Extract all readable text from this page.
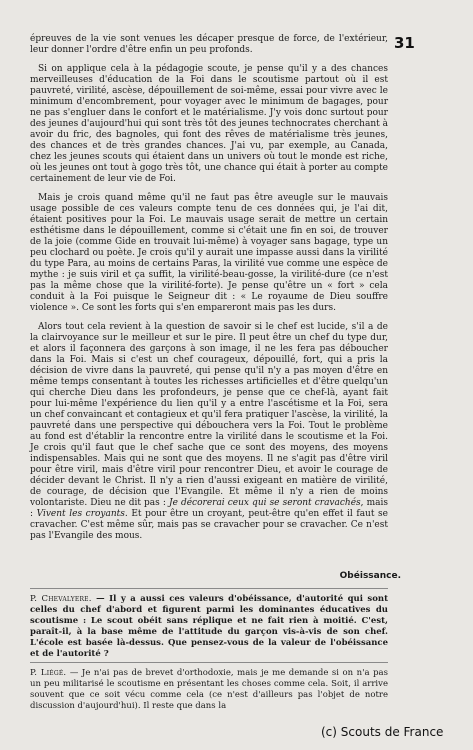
31

épreuves de la vie sont venues les décaper presque de force, de l'extérieur, leur donner l'ordre d'être enfin un peu profonds.

Si on applique cela à la pédagogie scoute, je pense qu'il y a des chances merveilleuses d'éducation de la Foi dans le scoutisme partout où il est pauvreté, virilité, ascèse, dépouillement de soi-même, essai pour vivre avec le minimum d'encombrement, pour voyager avec le minimum de bagages, pour ne pas s'engluer dans le confort et le matérialisme. J'y vois donc surtout pour des jeunes d'aujourd'hui qui sont très tôt des jeunes technocrates cherchant à avoir du fric, des bagnoles, qui font des rêves de matérialisme très jeunes, des chances et de très grandes chances. J'ai vu, par exemple, au Canada, chez les jeunes scouts qui étaient dans un univers où tout le monde est riche, où les jeunes ont tout à gogo très tôt, une chance qui était à porter au compte certainement de leur vie de Foi.

Mais je crois quand même qu'il ne faut pas être aveugle sur le mauvais usage possible de ces valeurs compte tenu de ces données qui, je l'ai dit, étaient positives pour la Foi. Le mauvais usage serait de mettre un certain esthétisme dans le dépouillement, comme si c'était une fin en soi, de trouver de la joie (comme Gide en trouvait lui-même) à voyager sans bagage, type un peu clochard ou poète. Je crois qu'il y aurait une impasse aussi dans la virilité du type Para, au moins de certains Paras, la virilité vue comme une espèce de mythe : je suis viril et ça suffit, la virilité-beau-gosse, la virilité-dure (ce n'est pas la même chose que la virilité-forte). Je pense qu'être un « fort » cela conduit à la Foi puisque le Seigneur dit : « Le royaume de Dieu souffre violence ». Ce sont les forts qui s'en empareront mais pas les durs.

Alors tout cela revient à la question de savoir si le chef est lucide, s'il a de la clairvoyance sur le meilleur et sur le pire. Il peut être un chef du type dur, et alors il façonnera des garçons à son image, il ne les fera pas déboucher dans la Foi. Mais si c'est un chef courageux, dépouillé, fort, qui a pris la décision de vivre dans la pauvreté, qui pense qu'il n'y a pas moyen d'être en même temps consentant à toutes les richesses artificielles et d'être quelqu'un qui cherche Dieu dans les profondeurs, je pense que ce chef-là, ayant fait pour lui-même l'expérience du lien qu'il y a entre l'ascétisme et la Foi, sera un chef convaincant et contagieux et qu'il fera pratiquer l'ascèse, la virilité, la pauvreté dans une perspective qui débouchera vers la Foi. Tout le problème au fond est d'établir la rencontre entre la virilité dans le scoutisme et la Foi. Je crois qu'il faut que le chef sache que ce sont des moyens, des moyens indispensables. Mais qui ne sont que des moyens. Il ne s'agit pas d'être viril pour être viril, mais d'être viril pour rencontrer Dieu, et avoir le courage de décider devant le Christ. Il n'y a rien d'aussi exigeant en matière de virilité, de courage, de décision que l'Evangile. Et même il n'y a rien de moins volontariste. Dieu ne dit pas : Je décorerai ceux qui se seront cravachés, mais : Vivent les croyants. Et pour être un croyant, peut-être qu'en effet il faut se cravacher. C'est même sûr, mais pas se cravacher pour se cravacher. Ce n'est pas l'Evangile des mous.

Obéissance.
P. Chevalyere. — Il y a aussi ces valeurs d'obéissance, d'autorité qui sont celles du chef d'abord et figurent parmi les dominantes éducatives du scoutisme : Le scout obéit sans réplique et ne fait rien à moitié. C'est, paraît-il, à la base même de l'attitude du garçon vis-à-vis de son chef. L'école est basée là-dessus. Que pensez-vous de la valeur de l'obéissance et de l'autorité ?
P. Liégé. — Je n'ai pas de brevet d'orthodoxie, mais je me demande si on n'a pas un peu militarisé le scoutisme en présentant les choses comme cela. Soit, il arrive souvent que ce soit vécu comme cela (ce n'est d'ailleurs pas l'objet de notre discussion d'aujourd'hui). Il reste que dans la
(c) Scouts de France
